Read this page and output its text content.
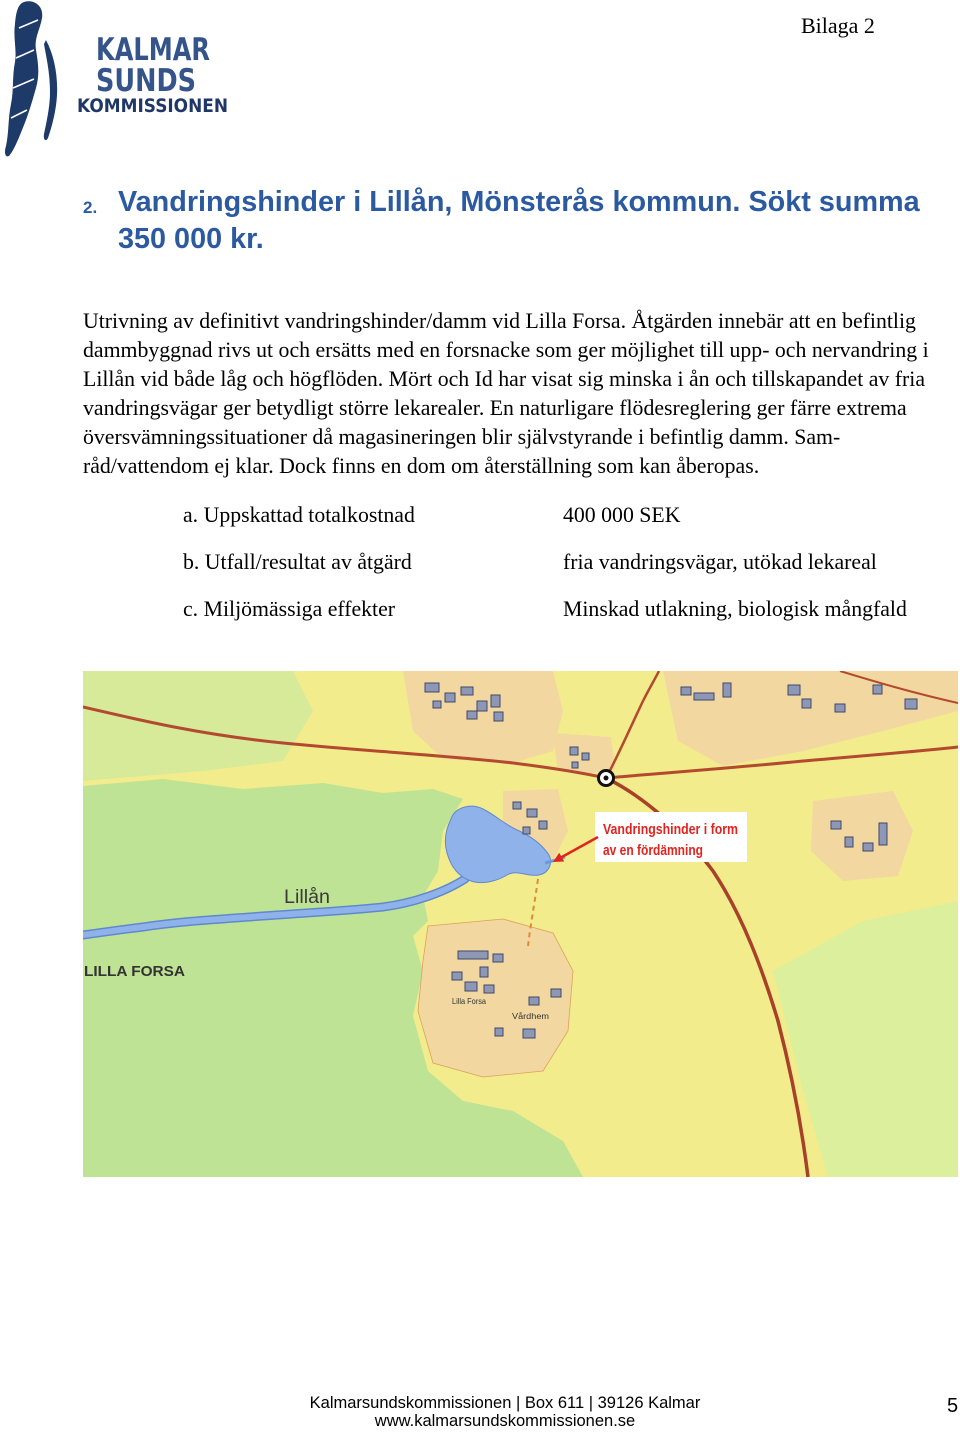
KALMAR
SUNDS
KOMMISSIONEN
Bilaga 2
2. Vandringshinder i Lillån, Mönsterås kommun. Sökt summa
350 000 kr.
Utrivning av definitivt vandringshinder/damm vid Lilla Forsa. Åtgärden innebär att en befintlig
dammbyggnad rivs ut och ersätts med en forsnacke som ger möjlighet till upp- och nervandring i
Lillån vid både låg och högflöden. Mört och Id har visat sig minska i ån och tillskapandet av fria
vandringsvägar ger betydligt större lekarealer. En naturligare flödesreglering ger färre extrema
översvämningssituationer då magasineringen blir självstyrande i befintlig damm. Sam-
råd/vattendom ej klar. Dock finns en dom om återställning som kan åberopas.
a. Uppskattad totalkostnad	400 000 SEK
b. Utfall/resultat av åtgärd	fria vandringsvägar, utökad lekareal
c. Miljömässiga effekter	Minskad utlakning, biologisk mångfald
Lillån
LILLA FORSA
Lilla Forsa
Vårdhem
Vandringshinder i form
av en fördämning
Kalmarsundskommissionen | Box 611 | 39126 Kalmar
www.kalmarsundskommissionen.se
5
